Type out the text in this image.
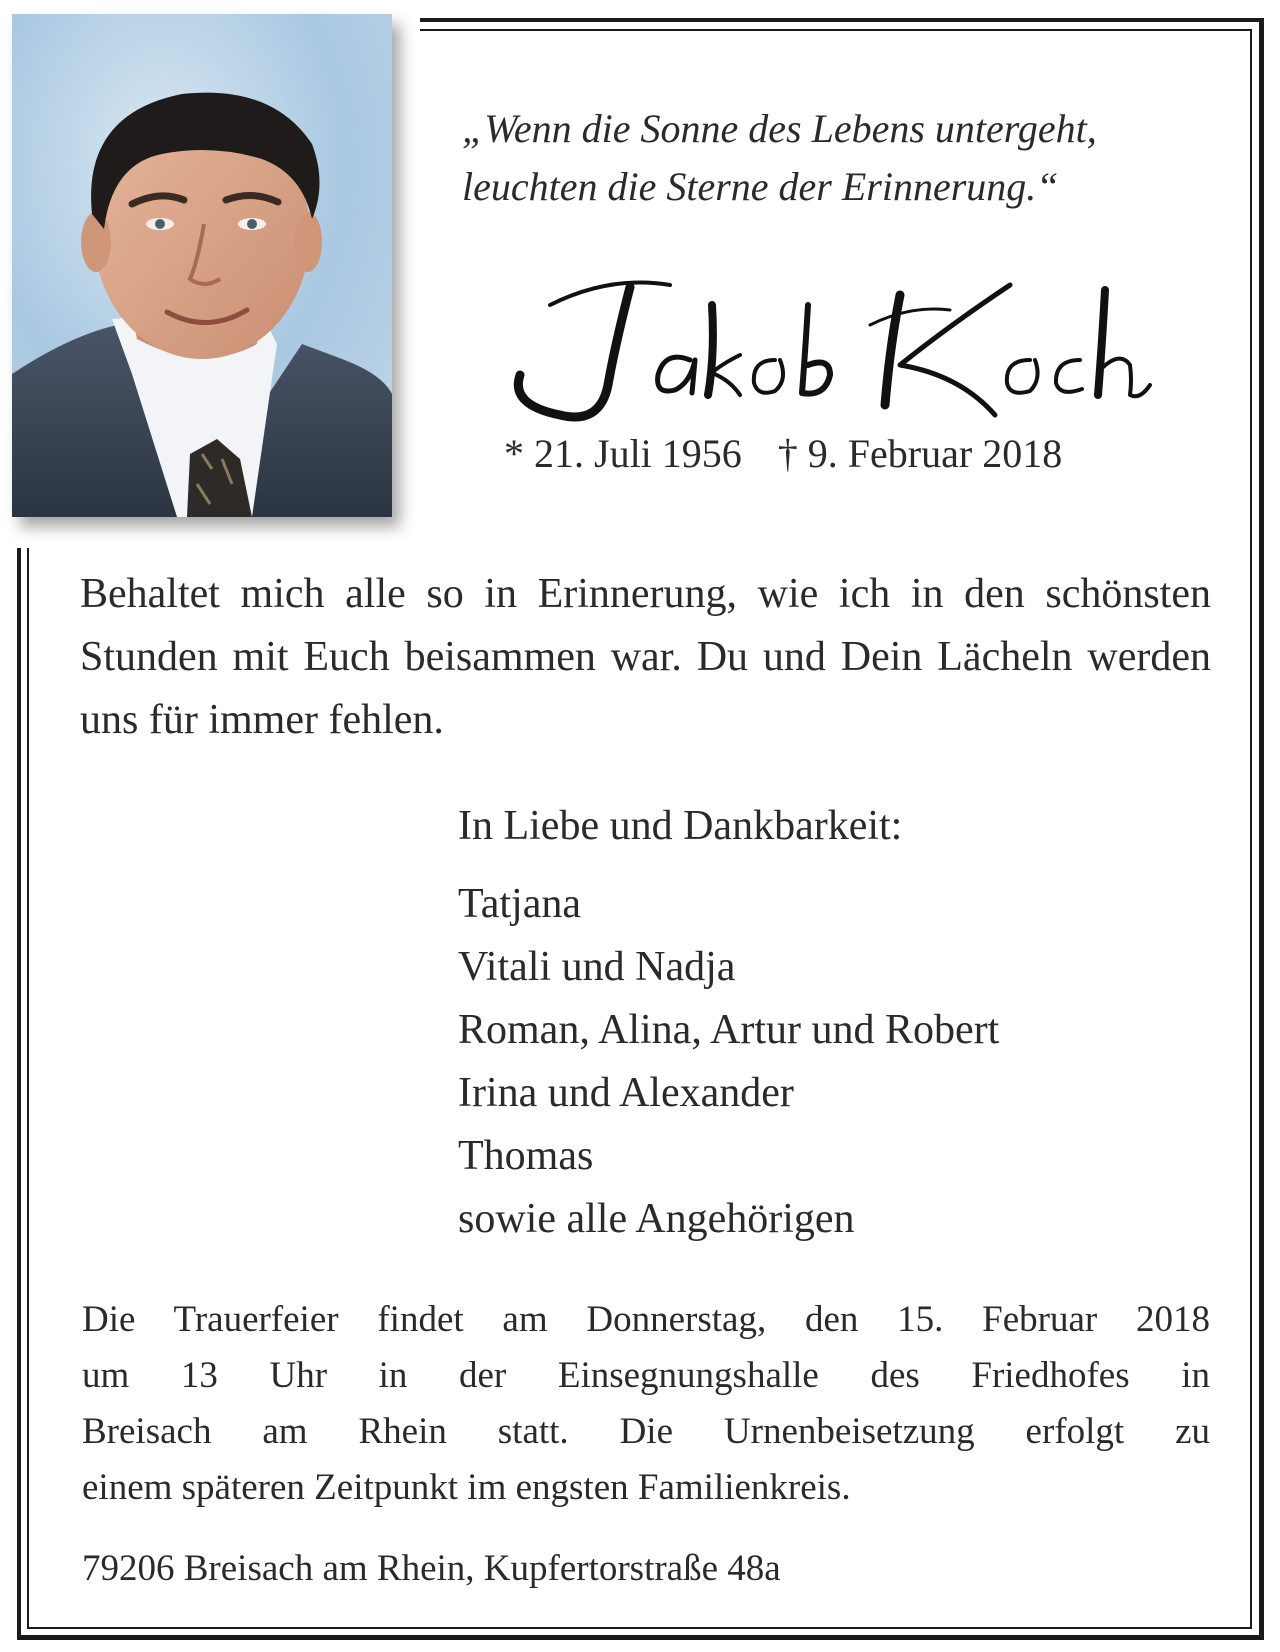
„Wenn die Sonne des Lebens untergeht,
leuchten die Sterne der Erinnerung.“
* 21. Juli 1956 † 9. Februar 2018
Behaltet mich alle so in Erinnerung, wie ich in den schönsten Stunden mit Euch beisammen war. Du und Dein Lächeln werden uns für immer fehlen.
In Liebe und Dankbarkeit:
Tatjana
Vitali und Nadja
Roman, Alina, Artur und Robert
Irina und Alexander
Thomas
sowie alle Angehörigen
Die Trauerfeier findet am Donnerstag, den 15. Februar 2018
um 13 Uhr in der Einsegnungshalle des Friedhofes in
Breisach am Rhein statt. Die Urnenbeisetzung erfolgt zu
einem späteren Zeitpunkt im engsten Familienkreis.
79206 Breisach am Rhein, Kupfertorstraße 48a
